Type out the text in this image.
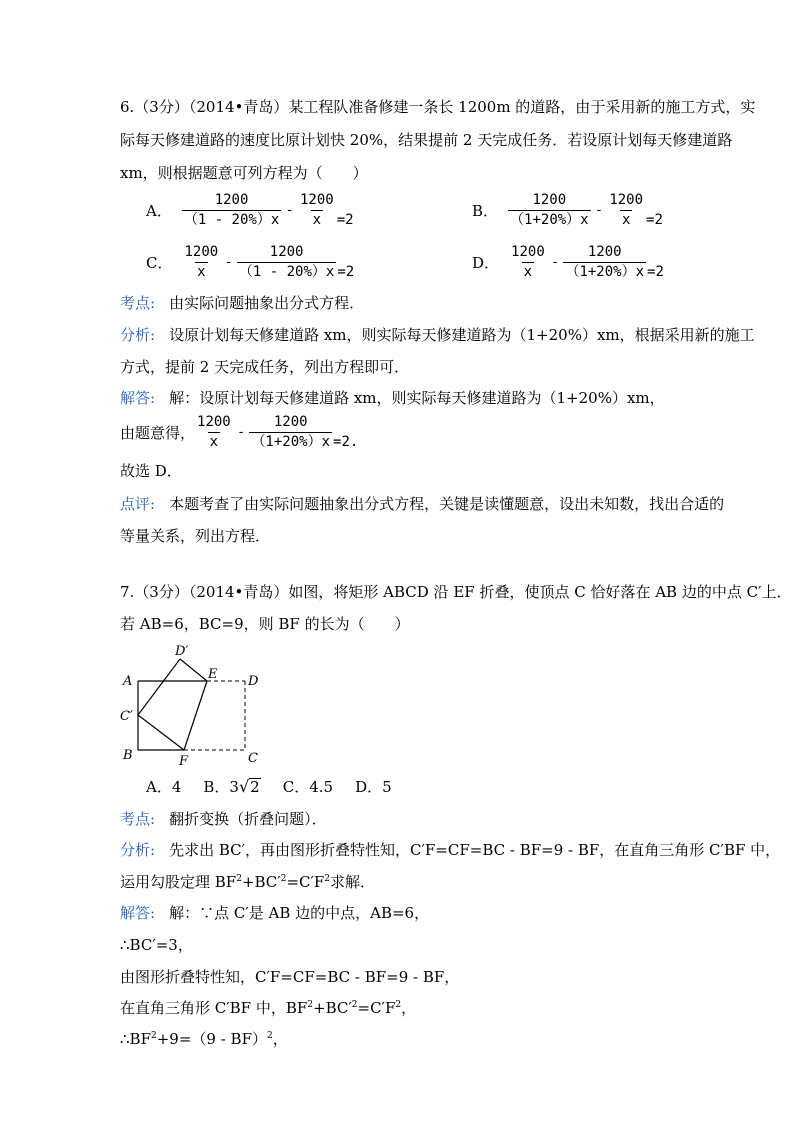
6.（3分）（2014•青岛）某工程队准备修建一条长 1200m 的道路，由于采用新的施工方式，实
际每天修建道路的速度比原计划快 20%，结果提前 2 天完成任务．若设原计划每天修建道路
xm，则根据题意可列方程为（　　）
A． $\frac{1200}{(1 - 20\%)x} - \frac{1200}{x} =2$	B． $\frac{1200}{(1+20\%)x} - \frac{1200}{x} =2$
C． $\frac{1200}{x} - \frac{1200}{(1 - 20\%)x} =2$	D． $\frac{1200}{x} - \frac{1200}{(1+20\%)x} =2$
考点: 由实际问题抽象出分式方程．
分析: 设原计划每天修建道路 xm，则实际每天修建道路为（1+20%）xm，根据采用新的施工
方式，提前 2 天完成任务，列出方程即可．
解答: 解：设原计划每天修建道路 xm，则实际每天修建道路为（1+20%）xm，
由题意得， $\frac{1200}{x} - \frac{1200}{(1+20\%)x} =2$.
故选 D．
点评: 本题考查了由实际问题抽象出分式方程，关键是读懂题意，设出未知数，找出合适的
等量关系，列出方程．
7.（3分）（2014•青岛）如图，将矩形 ABCD 沿 EF 折叠，使顶点 C 恰好落在 AB 边的中点 C′上．
若 AB=6，BC=9，则 BF 的长为（　　）
A
B	C
D
E
F
C′
D′
A．4 B．3 √ 2 C．4.5 D．5
考点: 翻折变换（折叠问题）．
分析: 先求出 BC′，再由图形折叠特性知，C′F=CF=BC - BF=9 - BF，在直角三角形 C′BF 中，
运用勾股定理 $BF^2+BC'^2=C'F^2$求解．
解答: 解：∵点 C′是 AB 边的中点，AB=6，
∴BC′=3，
由图形折叠特性知，C′F=CF=BC - BF=9 - BF，
在直角三角形 C′BF 中，$BF^2+BC'^2=C'F^2$，
$\therefore BF^2+9=(9 - BF)^2$，
